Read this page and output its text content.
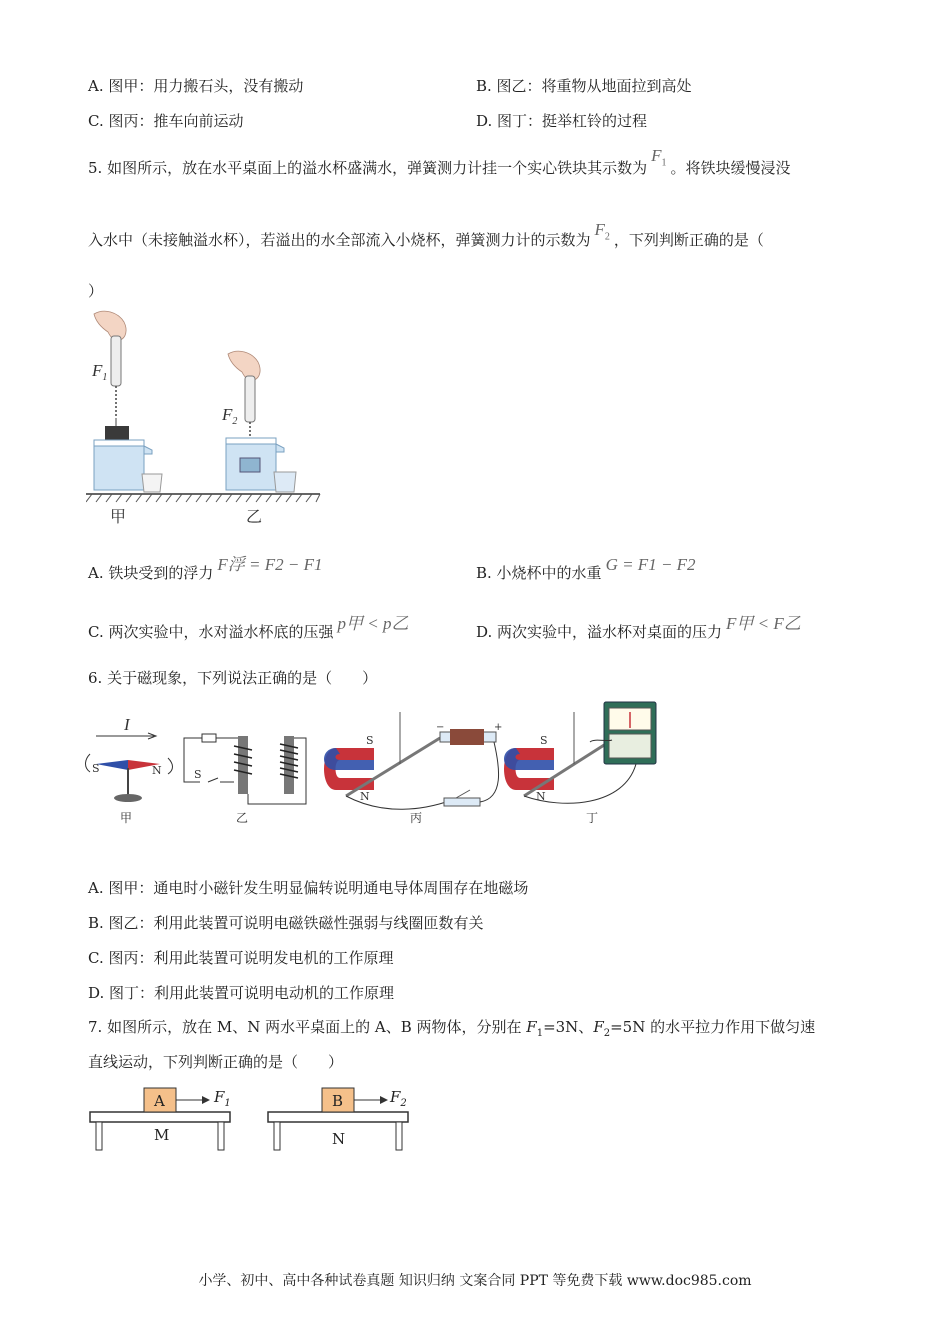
A. 图甲：用力搬石头，没有搬动	B. 图乙：将重物从地面拉到高处
C. 图丙：推车向前运动	D. 图丁：挺举杠铃的过程
5. 如图所示，放在水平桌面上的溢水杯盛满水，弹簧测力计挂一个实心铁块其示数为$F_1$ 。将铁块缓慢浸没
入水中（未接触溢水杯），若溢出的水全部流入小烧杯，弹簧测力计的示数为$F_2$ ，下列判断正确的是（
）
$F_1$
$F_2$
甲	乙
A. 铁块受到的浮力 F浮 = F2 − F1	B. 小烧杯中的水重 G = F1 − F2
C. 两次实验中，水对溢水杯底的压强 p甲 < p乙	D. 两次实验中，溢水杯对桌面的压力 F甲 < F乙
6. 关于磁现象，下列说法正确的是（　　）
I
S	N
甲
S
乙
S
N
−	+
丙
S
N
丁
A. 图甲：通电时小磁针发生明显偏转说明通电导体周围存在地磁场
B. 图乙：利用此装置可说明电磁铁磁性强弱与线圈匝数有关
C. 图丙：利用此装置可说明发电机的工作原理
D. 图丁：利用此装置可说明电动机的工作原理
7. 如图所示，放在 M、N 两水平桌面上的 A、B 两物体，分别在 $F_1=3N$、$F_2=5N$ 的水平拉力作用下做匀速
直线运动，下列判断正确的是（　　）
A	$F_1$
M
B	$F_2$
N
小学、初中、高中各种试卷真题 知识归纳 文案合同 PPT 等免费下载 www.doc985.com
